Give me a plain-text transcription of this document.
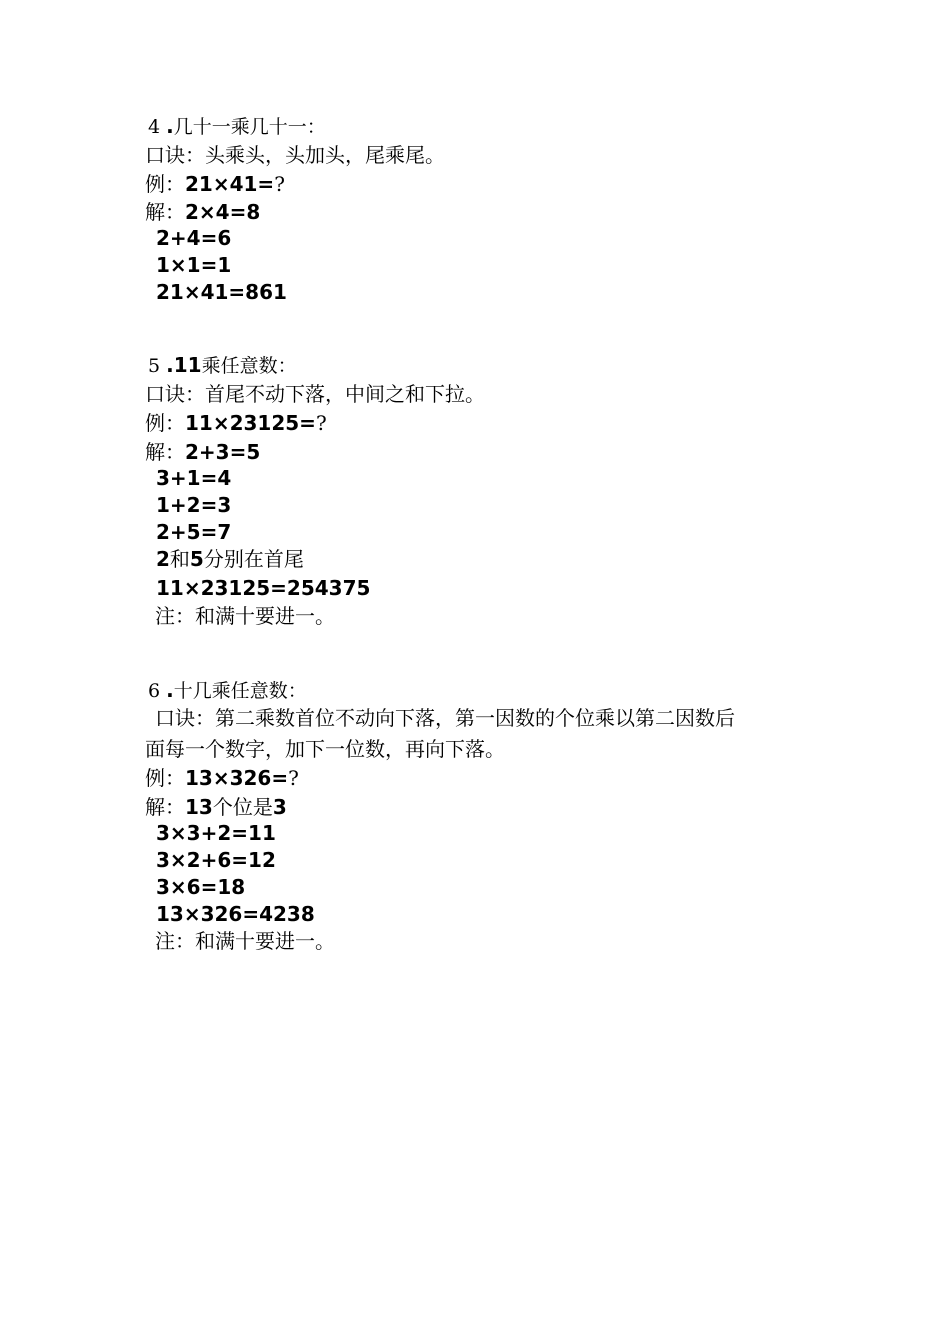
4 .几十一乘几十一：
口诀：头乘头，头加头，尾乘尾。
例：21×41=?
解：2×4=8
2+4=6
1×1=1
21×41=861
5 .11乘任意数：
口诀：首尾不动下落，中间之和下拉。
例：11×23125=?
解：2+3=5
3+1=4
1+2=3
2+5=7
2和5分别在首尾
11×23125=254375
注：和满十要进一。
6 .十几乘任意数：
口诀：第二乘数首位不动向下落，第一因数的个位乘以第二因数后
面每一个数字，加下一位数，再向下落。
例：13×326=?
解：13个位是3
3×3+2=11
3×2+6=12
3×6=18
13×326=4238
注：和满十要进一。
